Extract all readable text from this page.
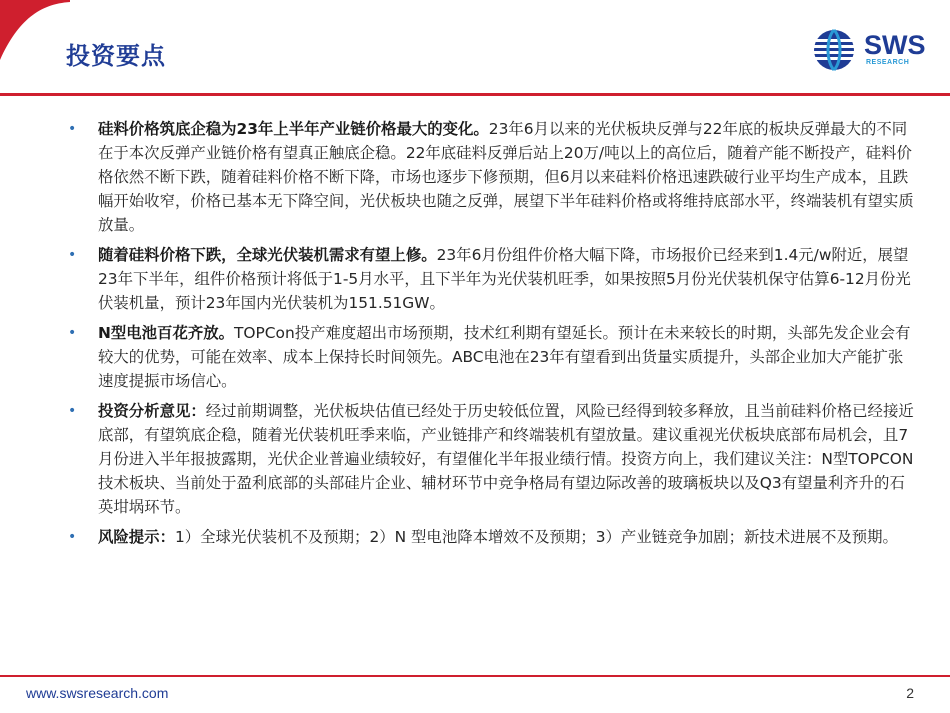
投资要点	SWS
RESEARCH
• 硅料价格筑底企稳为23年上半年产业链价格最大的变化。23年6月以来的光伏板块反弹与22年底的板块反弹最大的不同在于本次反弹产业链价格有望真正触底企稳。22年底硅料反弹后站上20万/吨以上的高位后，随着产能不断投产，硅料价格依然不断下跌，随着硅料价格不断下降，市场也逐步下修预期，但6月以来硅料价格迅速跌破行业平均生产成本，且跌幅开始收窄，价格已基本无下降空间，光伏板块也随之反弹，展望下半年硅料价格或将维持底部水平，终端装机有望实质放量。
• 随着硅料价格下跌，全球光伏装机需求有望上修。23年6月份组件价格大幅下降，市场报价已经来到1.4元/w附近，展望23年下半年，组件价格预计将低于1-5月水平，且下半年为光伏装机旺季，如果按照5月份光伏装机保守估算6-12月份光伏装机量，预计23年国内光伏装机为151.51GW。
• N型电池百花齐放。TOPCon投产难度超出市场预期，技术红利期有望延长。预计在未来较长的时期，头部先发企业会有较大的优势，可能在效率、成本上保持长时间领先。ABC电池在23年有望看到出货量实质提升，头部企业加大产能扩张速度提振市场信心。
• 投资分析意见：经过前期调整，光伏板块估值已经处于历史较低位置，风险已经得到较多释放，且当前硅料价格已经接近底部，有望筑底企稳，随着光伏装机旺季来临，产业链排产和终端装机有望放量。建议重视光伏板块底部布局机会，且7月份进入半年报披露期，光伏企业普遍业绩较好，有望催化半年报业绩行情。投资方向上，我们建议关注：N型TOPCON技术板块、当前处于盈利底部的头部硅片企业、辅材环节中竞争格局有望边际改善的玻璃板块以及Q3有望量利齐升的石英坩埚环节。
• 风险提示：1）全球光伏装机不及预期；2）N 型电池降本增效不及预期；3）产业链竞争加剧；新技术进展不及预期。
www.swsresearch.com	2
